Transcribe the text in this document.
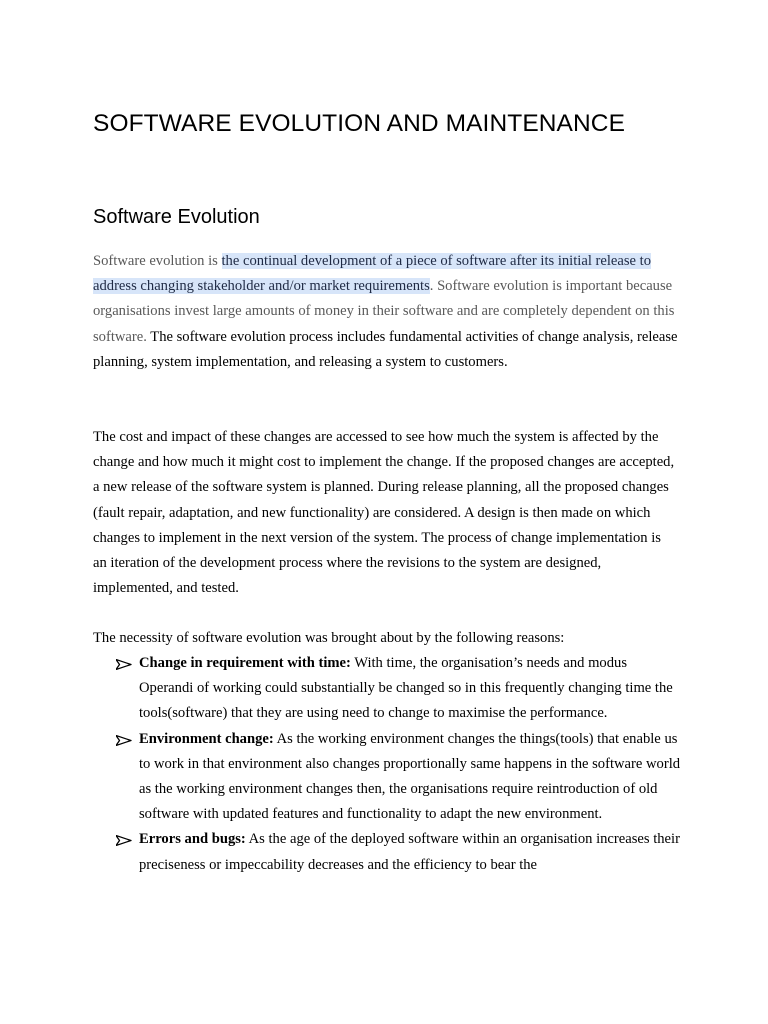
SOFTWARE EVOLUTION AND MAINTENANCE
Software Evolution

Software evolution is the continual development of a piece of software after its initial release to address changing stakeholder and/or market requirements. Software evolution is important because organisations invest large amounts of money in their software and are completely dependent on this software. The software evolution process includes fundamental activities of change analysis, release planning, system implementation, and releasing a system to customers.

The cost and impact of these changes are accessed to see how much the system is affected by the change and how much it might cost to implement the change. If the proposed changes are accepted, a new release of the software system is planned. During release planning, all the proposed changes (fault repair, adaptation, and new functionality) are considered. A design is then made on which changes to implement in the next version of the system. The process of change implementation is an iteration of the development process where the revisions to the system are designed, implemented, and tested.

The necessity of software evolution was brought about by the following reasons:

Change in requirement with time: With time, the organisation’s needs and modus Operandi of working could substantially be changed so in this frequently changing time the tools(software) that they are using need to change to maximise the performance.
Environment change: As the working environment changes the things(tools) that enable us to work in that environment also changes proportionally same happens in the software world as the working environment changes then, the organisations require reintroduction of old software with updated features and functionality to adapt the new environment.
Errors and bugs: As the age of the deployed software within an organisation increases their preciseness or impeccability decreases and the efficiency to bear the
